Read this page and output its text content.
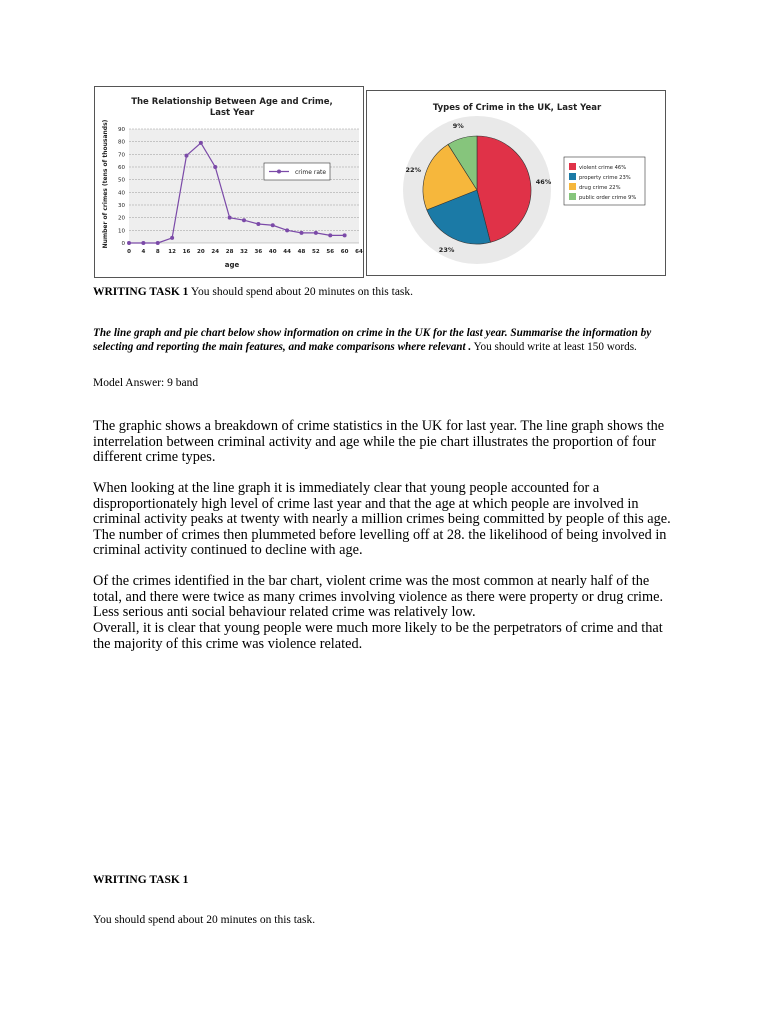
The Relationship Between Age and Crime,
Last Year
0
10
20
30
40
50
60
70
80
90
0 4 8 12 16 20 24 28 32 36 40 44 48 52 56 60 64
Number of crimes (tens of thousands)
age
crime rate
Types of Crime in the UK, Last Year
46%
23%
22%
9%
violent crime 46%
property crime 23%
drug crime 22%
public order crime 9%

WRITING TASK 1 You should spend about 20 minutes on this task.

The line graph and pie chart below show information on crime in the UK for the last year. Summarise the information by selecting and reporting the main features, and make comparisons where relevant . You should write at least 150 words.

Model Answer: 9 band

The graphic shows a breakdown of crime statistics in the UK for last year. The line graph shows the interrelation between criminal activity and age while the pie chart illustrates the proportion of four different crime types.

When looking at the line graph it is immediately clear that young people accounted for a disproportionately high level of crime last year and that the age at which people are involved in criminal activity peaks at twenty with nearly a million crimes being committed by people of this age. The number of crimes then plummeted before levelling off at 28. the likelihood of being involved in criminal activity continued to decline with age.

Of the crimes identified in the bar chart, violent crime was the most common at nearly half of the total, and there were twice as many crimes involving violence as there were property or drug crime. Less serious anti social behaviour related crime was relatively low.

Overall, it is clear that young people were much more likely to be the perpetrators of crime and that the majority of this crime was violence related.

WRITING TASK 1

You should spend about 20 minutes on this task.
